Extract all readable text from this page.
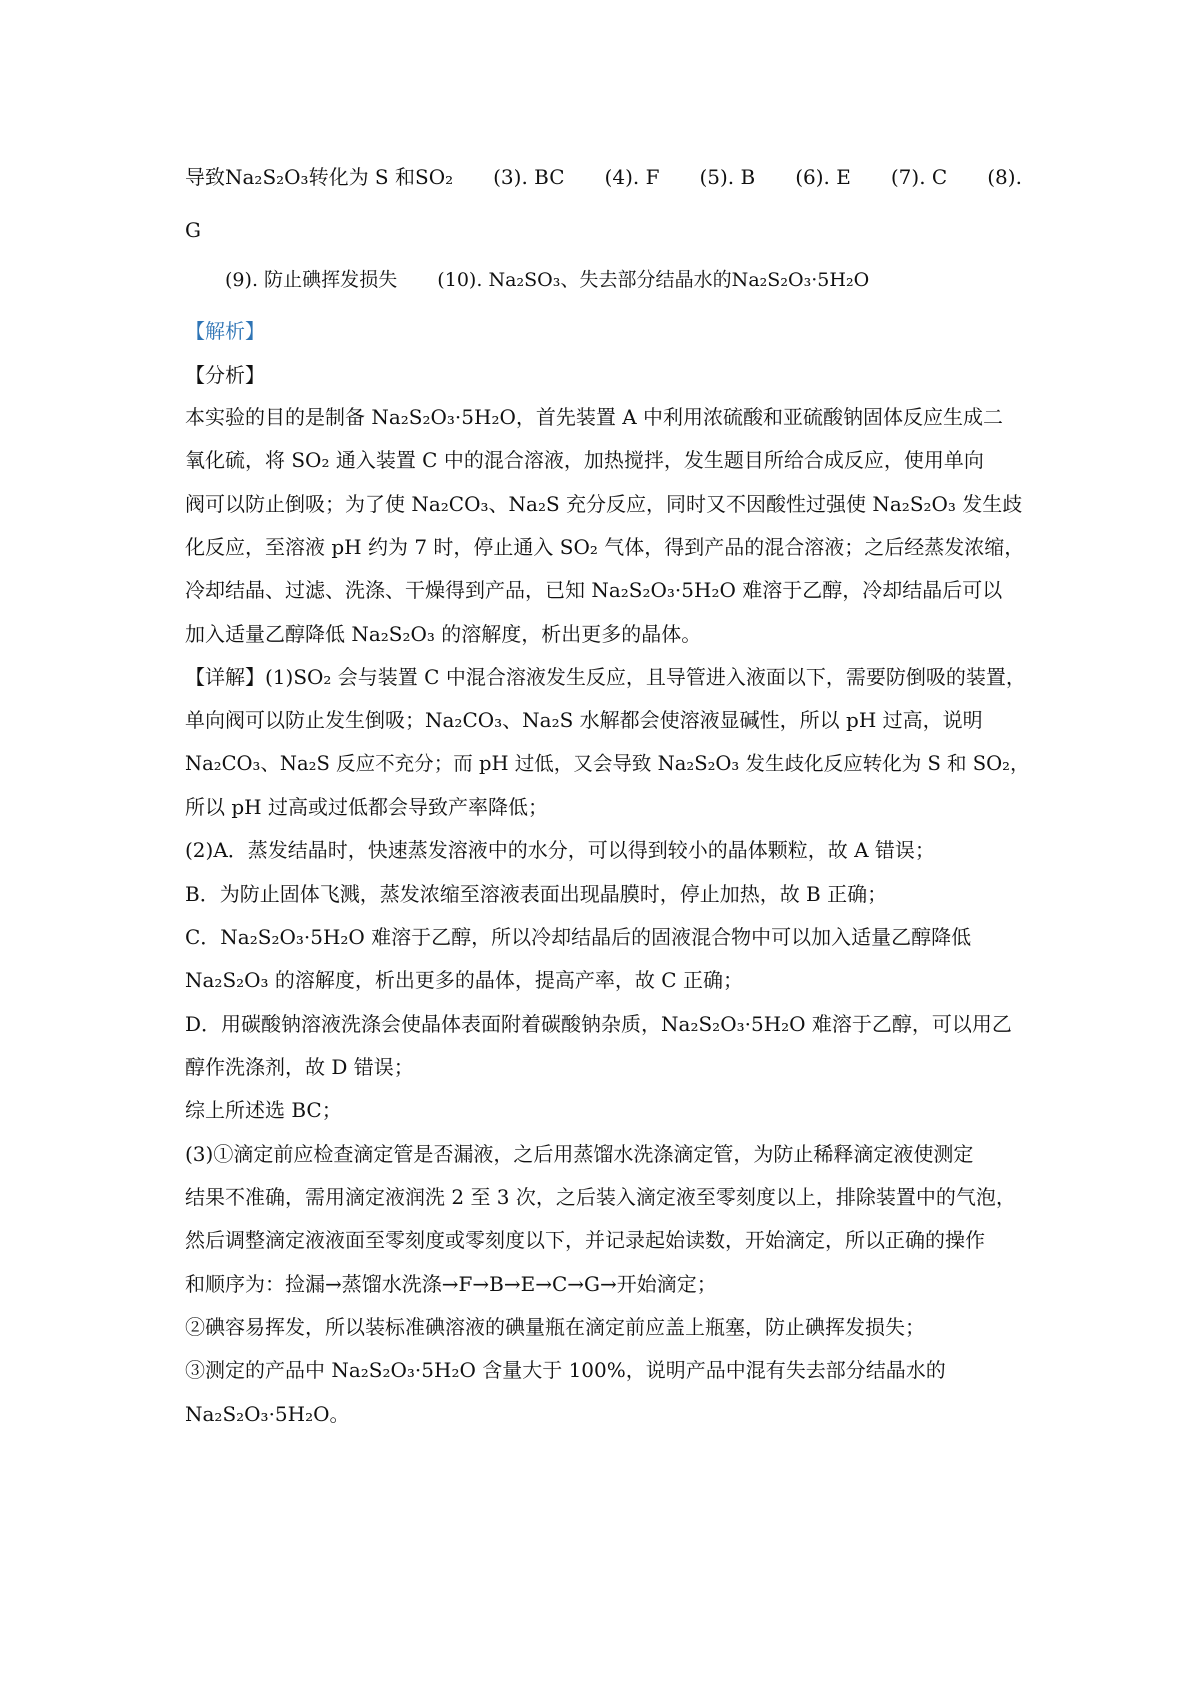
导致Na₂S₂O₃转化为 S 和SO₂ (3). BC (4). F (5). B (6). E (7). C (8).
G
(9). 防止碘挥发损失 (10). Na₂SO₃、失去部分结晶水的Na₂S₂O₃·5H₂O
【解析】
【分析】
本实验的目的是制备 Na₂S₂O₃·5H₂O，首先装置 A 中利用浓硫酸和亚硫酸钠固体反应生成二
氧化硫，将 SO₂ 通入装置 C 中的混合溶液，加热搅拌，发生题目所给合成反应，使用单向
阀可以防止倒吸；为了使 Na₂CO₃、Na₂S 充分反应，同时又不因酸性过强使 Na₂S₂O₃ 发生歧
化反应，至溶液 pH 约为 7 时，停止通入 SO₂ 气体，得到产品的混合溶液；之后经蒸发浓缩，
冷却结晶、过滤、洗涤、干燥得到产品，已知 Na₂S₂O₃·5H₂O 难溶于乙醇，冷却结晶后可以
加入适量乙醇降低 Na₂S₂O₃ 的溶解度，析出更多的晶体。
【详解】(1)SO₂ 会与装置 C 中混合溶液发生反应，且导管进入液面以下，需要防倒吸的装置，
单向阀可以防止发生倒吸；Na₂CO₃、Na₂S 水解都会使溶液显碱性，所以 pH 过高，说明
Na₂CO₃、Na₂S 反应不充分；而 pH 过低，又会导致 Na₂S₂O₃ 发生歧化反应转化为 S 和 SO₂，
所以 pH 过高或过低都会导致产率降低；
(2)A．蒸发结晶时，快速蒸发溶液中的水分，可以得到较小的晶体颗粒，故 A 错误；
B．为防止固体飞溅，蒸发浓缩至溶液表面出现晶膜时，停止加热，故 B 正确；
C．Na₂S₂O₃·5H₂O 难溶于乙醇，所以冷却结晶后的固液混合物中可以加入适量乙醇降低
Na₂S₂O₃ 的溶解度，析出更多的晶体，提高产率，故 C 正确；
D．用碳酸钠溶液洗涤会使晶体表面附着碳酸钠杂质，Na₂S₂O₃·5H₂O 难溶于乙醇，可以用乙
醇作洗涤剂，故 D 错误；
综上所述选 BC；
(3)①滴定前应检查滴定管是否漏液，之后用蒸馏水洗涤滴定管，为防止稀释滴定液使测定
结果不准确，需用滴定液润洗 2 至 3 次，之后装入滴定液至零刻度以上，排除装置中的气泡，
然后调整滴定液液面至零刻度或零刻度以下，并记录起始读数，开始滴定，所以正确的操作
和顺序为：捡漏→蒸馏水洗涤→F→B→E→C→G→开始滴定；
②碘容易挥发，所以装标准碘溶液的碘量瓶在滴定前应盖上瓶塞，防止碘挥发损失；
③测定的产品中 Na₂S₂O₃·5H₂O 含量大于 100%，说明产品中混有失去部分结晶水的
Na₂S₂O₃·5H₂O。
